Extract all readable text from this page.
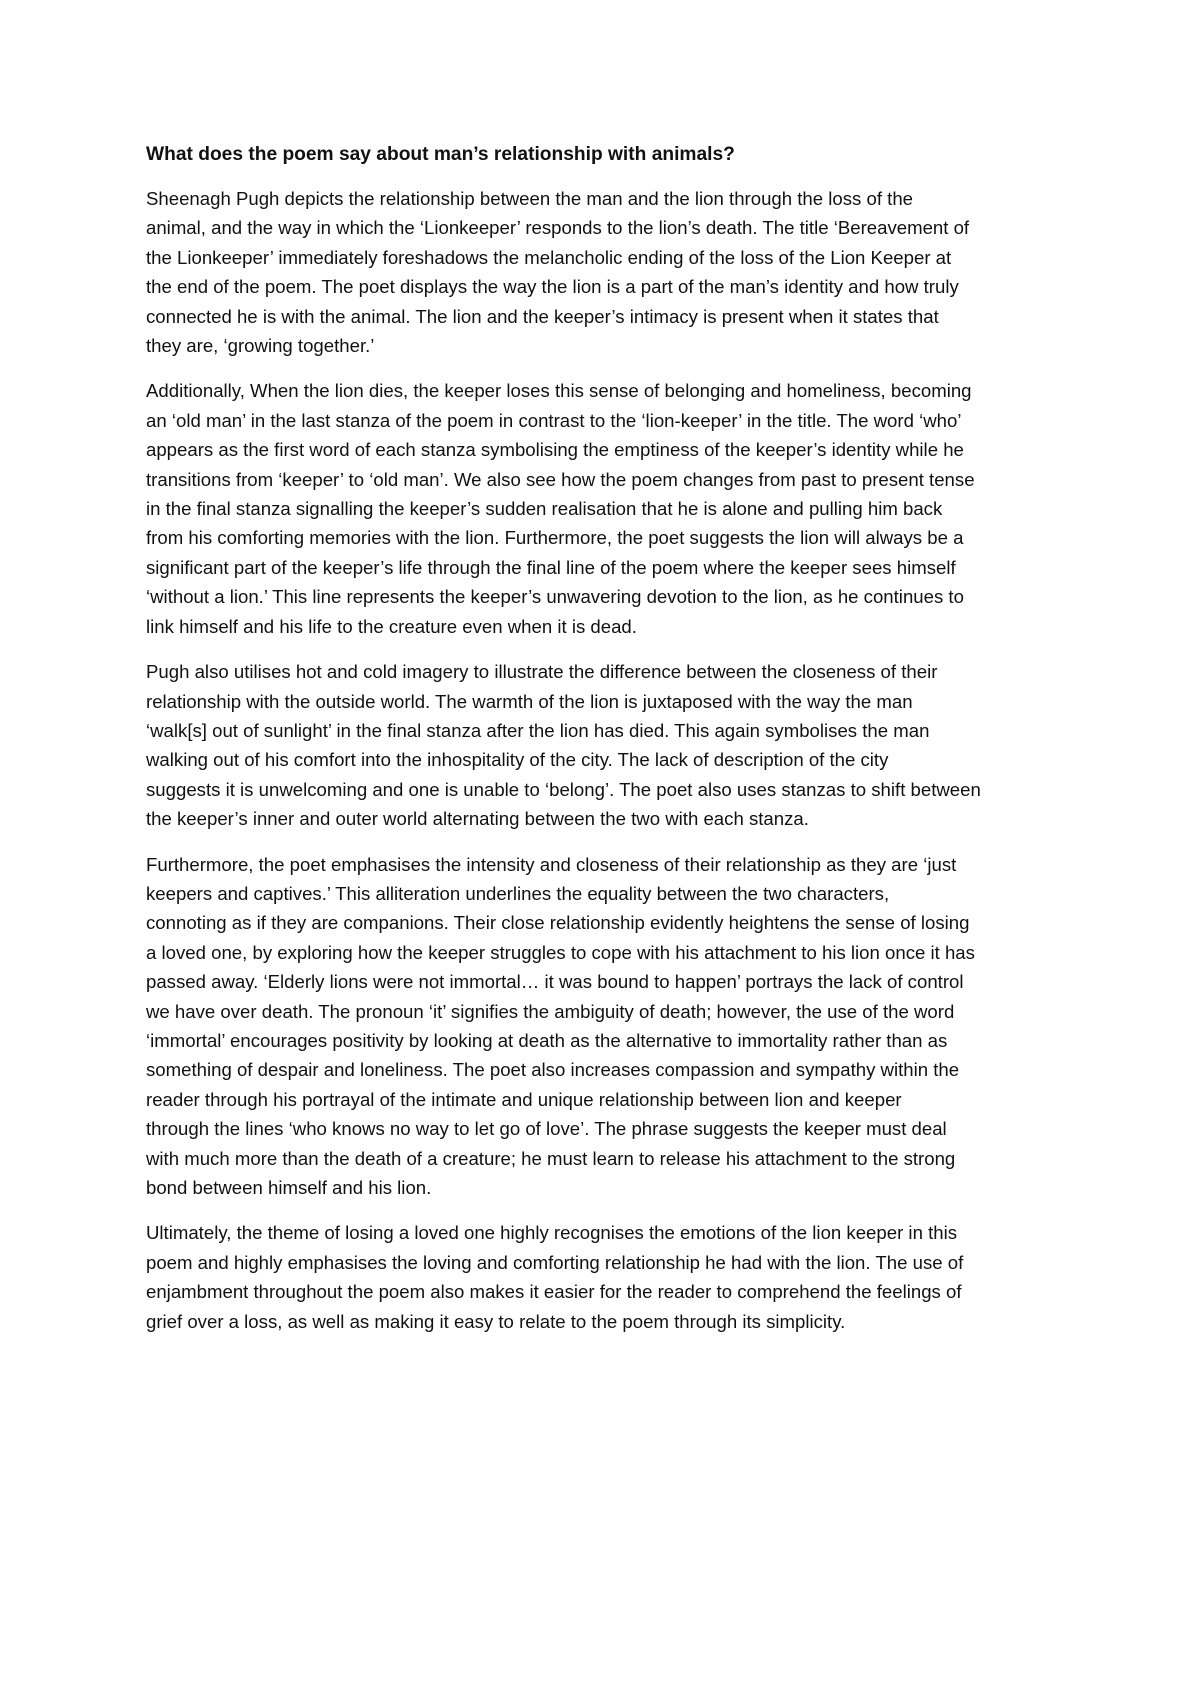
What does the poem say about man’s relationship with animals?

Sheenagh Pugh depicts the relationship between the man and the lion through the loss of the
animal, and the way in which the ‘Lionkeeper’ responds to the lion’s death. The title ‘Bereavement of
the Lionkeeper’ immediately foreshadows the melancholic ending of the loss of the Lion Keeper at
the end of the poem. The poet displays the way the lion is a part of the man’s identity and how truly
connected he is with the animal. The lion and the keeper’s intimacy is present when it states that
they are, ‘growing together.’

Additionally, When the lion dies, the keeper loses this sense of belonging and homeliness, becoming
an ‘old man’ in the last stanza of the poem in contrast to the ‘lion-keeper’ in the title. The word ‘who’
appears as the first word of each stanza symbolising the emptiness of the keeper’s identity while he
transitions from ‘keeper’ to ‘old man’. We also see how the poem changes from past to present tense
in the final stanza signalling the keeper’s sudden realisation that he is alone and pulling him back
from his comforting memories with the lion. Furthermore, the poet suggests the lion will always be a
significant part of the keeper’s life through the final line of the poem where the keeper sees himself
‘without a lion.’ This line represents the keeper’s unwavering devotion to the lion, as he continues to
link himself and his life to the creature even when it is dead.

Pugh also utilises hot and cold imagery to illustrate the difference between the closeness of their
relationship with the outside world. The warmth of the lion is juxtaposed with the way the man
‘walk[s] out of sunlight’ in the final stanza after the lion has died. This again symbolises the man
walking out of his comfort into the inhospitality of the city. The lack of description of the city
suggests it is unwelcoming and one is unable to ‘belong’. The poet also uses stanzas to shift between
the keeper’s inner and outer world alternating between the two with each stanza.

Furthermore, the poet emphasises the intensity and closeness of their relationship as they are ‘just
keepers and captives.’ This alliteration underlines the equality between the two characters,
connoting as if they are companions. Their close relationship evidently heightens the sense of losing
a loved one, by exploring how the keeper struggles to cope with his attachment to his lion once it has
passed away. ‘Elderly lions were not immortal… it was bound to happen’ portrays the lack of control
we have over death. The pronoun ‘it’ signifies the ambiguity of death; however, the use of the word
‘immortal’ encourages positivity by looking at death as the alternative to immortality rather than as
something of despair and loneliness. The poet also increases compassion and sympathy within the
reader through his portrayal of the intimate and unique relationship between lion and keeper
through the lines ‘who knows no way to let go of love’. The phrase suggests the keeper must deal
with much more than the death of a creature; he must learn to release his attachment to the strong
bond between himself and his lion.

Ultimately, the theme of losing a loved one highly recognises the emotions of the lion keeper in this
poem and highly emphasises the loving and comforting relationship he had with the lion. The use of
enjambment throughout the poem also makes it easier for the reader to comprehend the feelings of
grief over a loss, as well as making it easy to relate to the poem through its simplicity.
